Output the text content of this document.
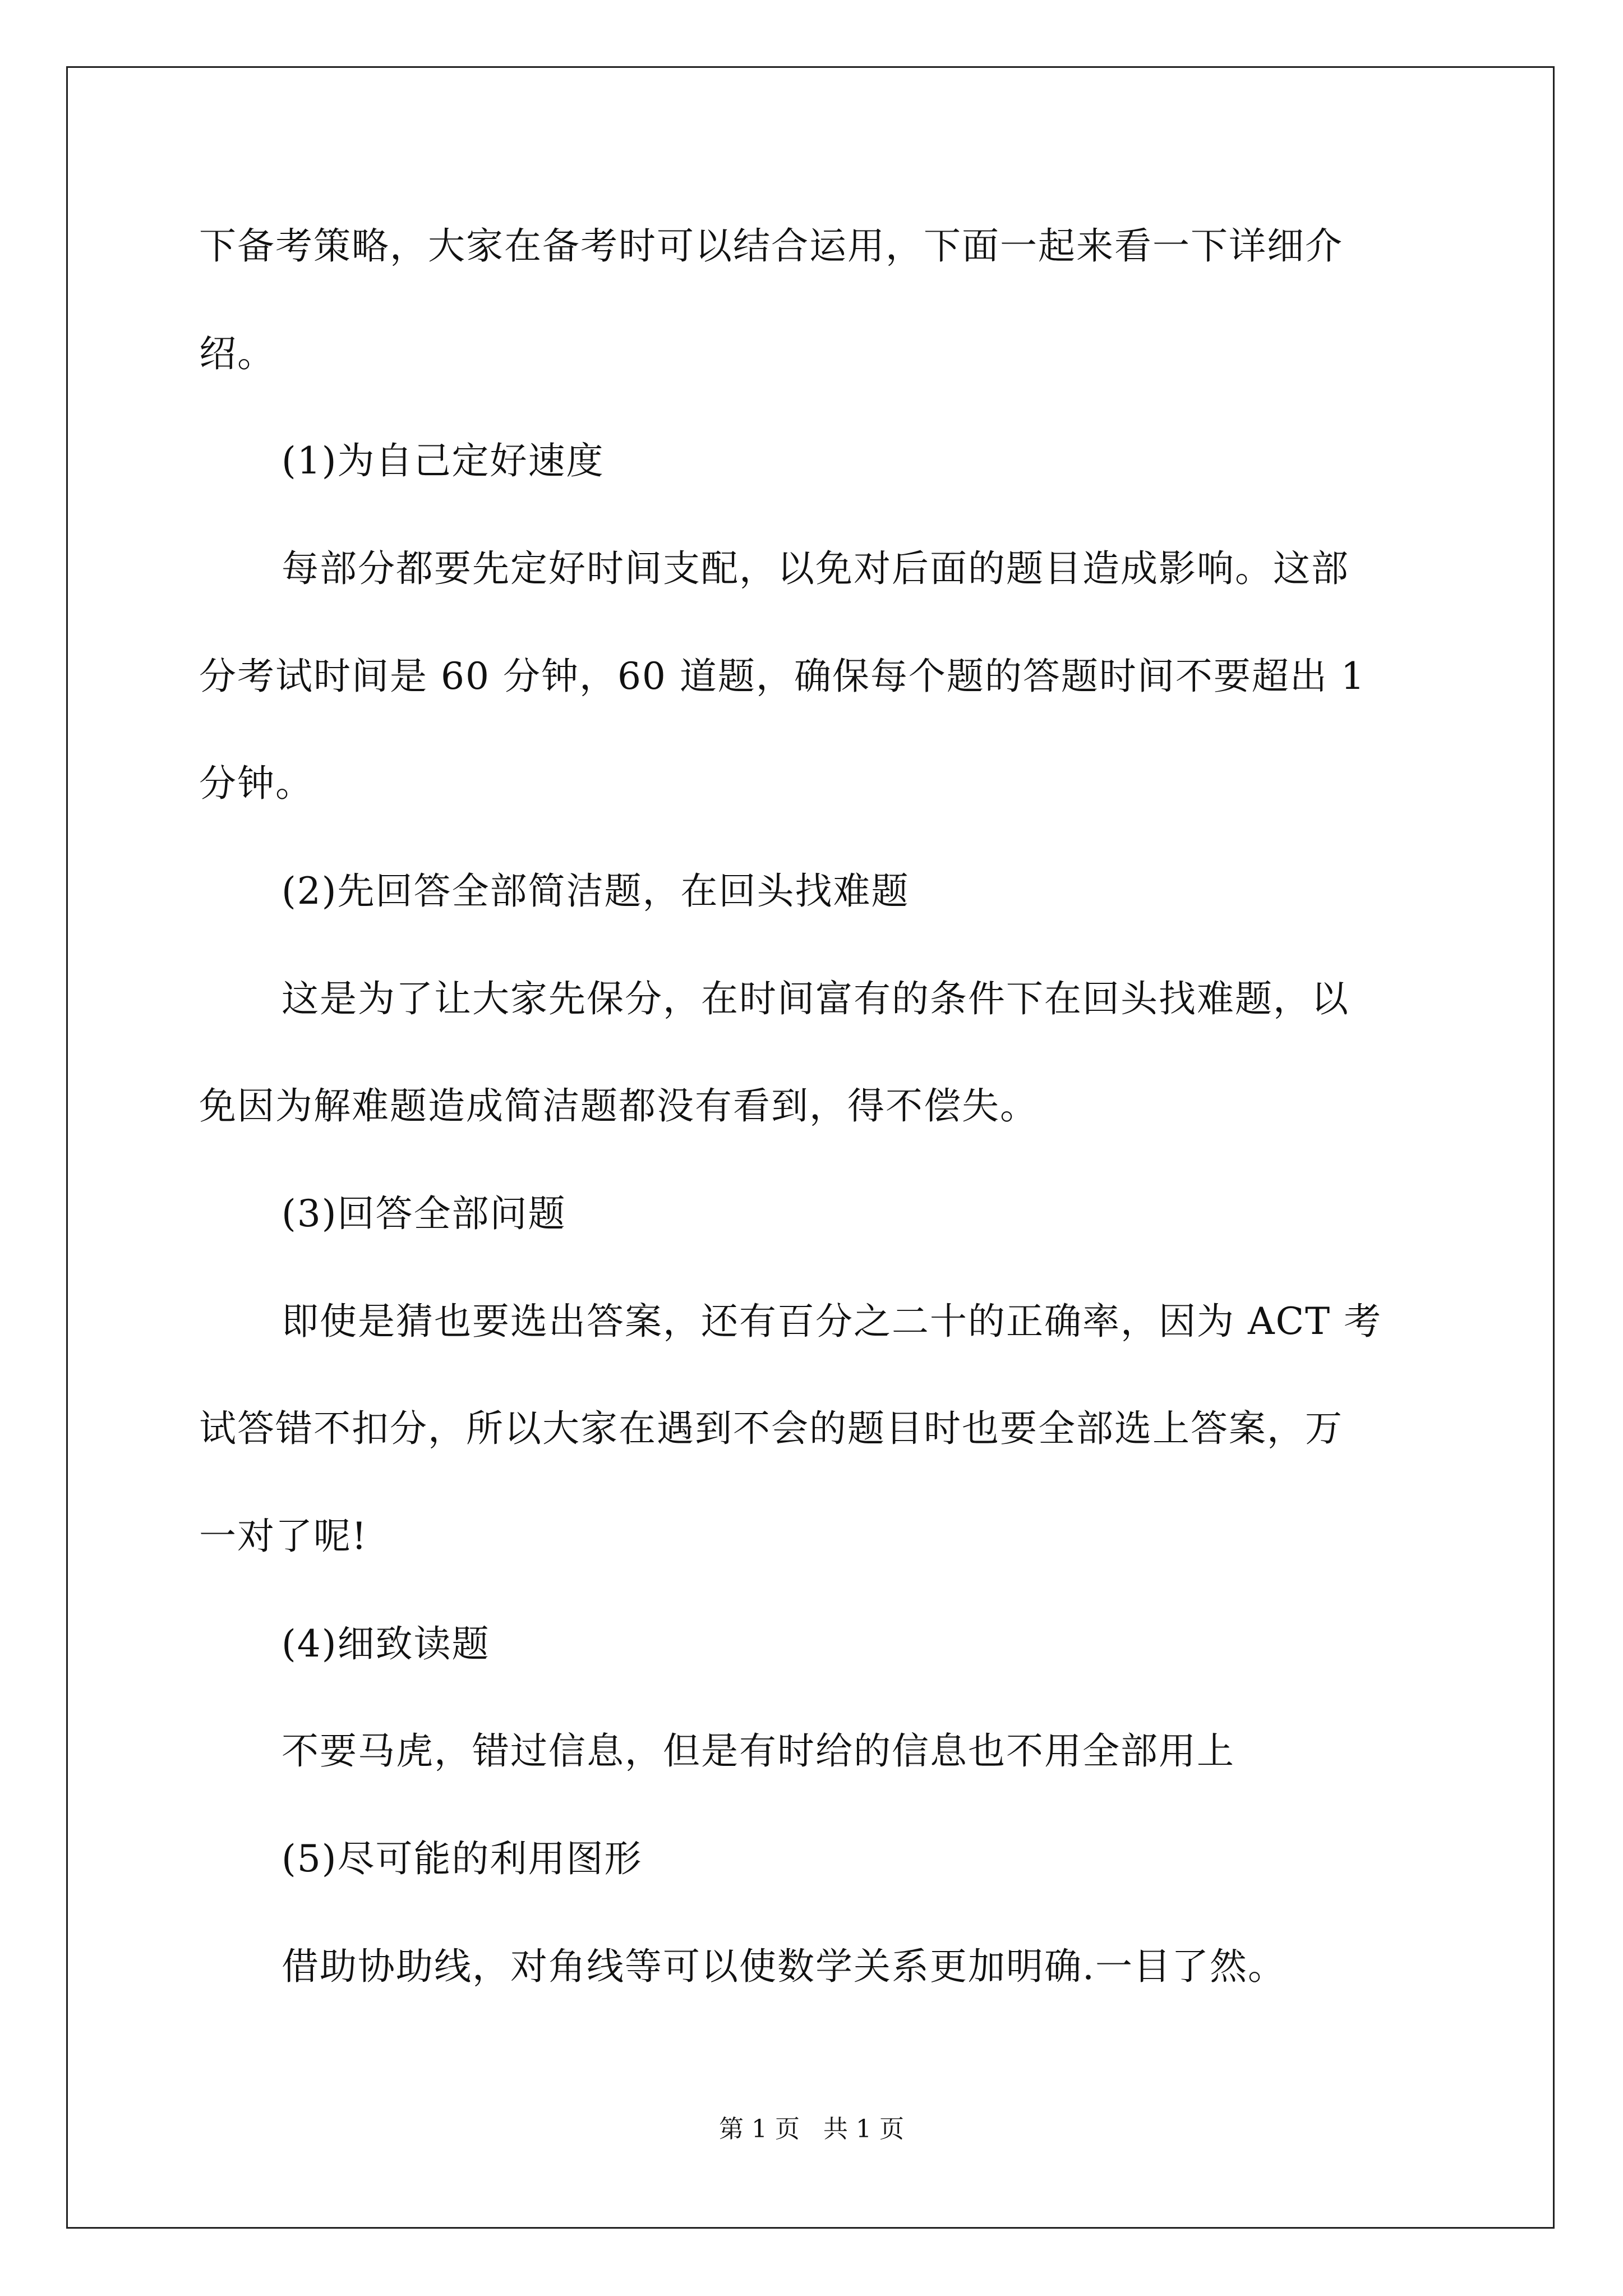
下备考策略，大家在备考时可以结合运用，下面一起来看一下详细介
绍。
(1)为自己定好速度
每部分都要先定好时间支配，以免对后面的题目造成影响。这部
分考试时间是 60 分钟，60 道题，确保每个题的答题时间不要超出 1
分钟。
(2)先回答全部简洁题，在回头找难题
这是为了让大家先保分，在时间富有的条件下在回头找难题，以
免因为解难题造成简洁题都没有看到，得不偿失。
(3)回答全部问题
即使是猜也要选出答案，还有百分之二十的正确率，因为 ACT 考
试答错不扣分，所以大家在遇到不会的题目时也要全部选上答案，万
一对了呢!
(4)细致读题
不要马虎，错过信息，但是有时给的信息也不用全部用上
(5)尽可能的利用图形
借助协助线，对角线等可以使数学关系更加明确.一目了然。
第 1 页   共 1 页
